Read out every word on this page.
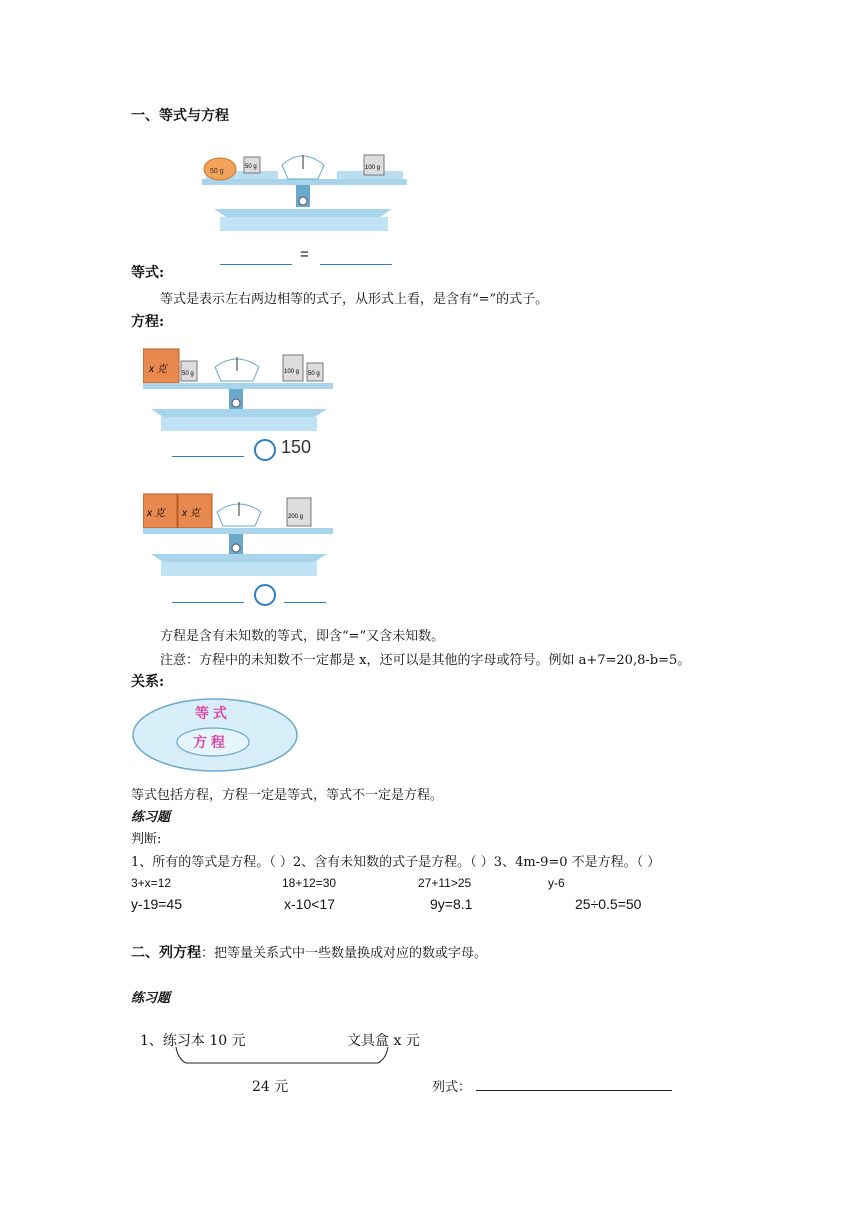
一、等式与方程
50 g
50 g	100 g
=
等式:
等式是表示左右两边相等的式子，从形式上看，是含有“=”的式子。
方程:
x 克	50 g	100 g 50 g
150
x 克 x 克	200 g
方程是含有未知数的等式，即含“=”又含未知数。
注意：方程中的未知数不一定都是 x，还可以是其他的字母或符号。例如 a+7=20,8-b=5。
关系:
等 式
方 程
等式包括方程，方程一定是等式，等式不一定是方程。
练习题
判断:
1、所有的等式是方程。（ ）2、含有未知数的式子是方程。（ ）3、4m-9=0 不是方程。（ ）
3+x=12	18+12=30	27+11>25	y-6
y-19=45	x-10<17	9y=8.1	25÷0.5=50
二、列方程：把等量关系式中一些数量换成对应的数或字母。
练习题
1、练习本 10 元	文具盒 x 元
24 元	列式：
